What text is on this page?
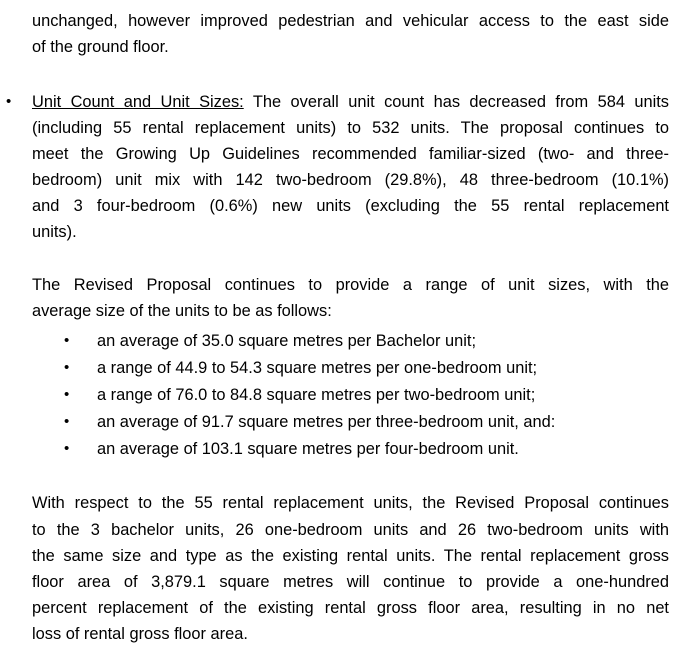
unchanged, however improved pedestrian and vehicular access to the east side

of the ground floor.

•	Unit Count and Unit Sizes: The overall unit count has decreased from 584 units

(including 55 rental replacement units) to 532 units. The proposal continues to

meet the Growing Up Guidelines recommended familiar-sized (two- and three-

bedroom) unit mix with 142 two-bedroom (29.8%), 48 three-bedroom (10.1%)

and 3 four-bedroom (0.6%) new units (excluding the 55 rental replacement

units).

The Revised Proposal continues to provide a range of unit sizes, with the

average size of the units to be as follows:

•	an average of 35.0 square metres per Bachelor unit;
•	a range of 44.9 to 54.3 square metres per one-bedroom unit;
•	a range of 76.0 to 84.8 square metres per two-bedroom unit;
•	an average of 91.7 square metres per three-bedroom unit, and:
•	an average of 103.1 square metres per four-bedroom unit.

With respect to the 55 rental replacement units, the Revised Proposal continues

to the 3 bachelor units, 26 one-bedroom units and 26 two-bedroom units with

the same size and type as the existing rental units. The rental replacement gross

floor area of 3,879.1 square metres will continue to provide a one-hundred

percent replacement of the existing rental gross floor area, resulting in no net

loss of rental gross floor area.
